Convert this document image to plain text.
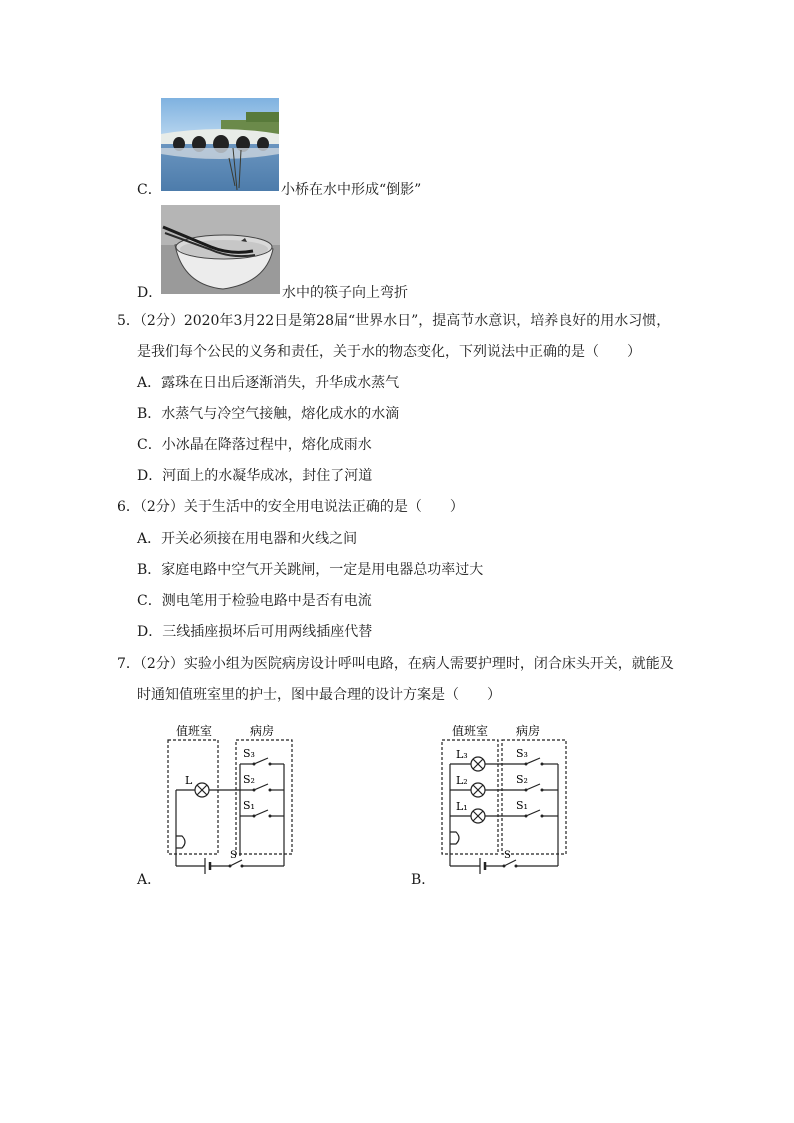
C．	小桥在水中形成“倒影”
D．	水中的筷子向上弯折
5．（2分）2020年3月22日是第28届“世界水日”，提高节水意识，培养良好的用水习惯，
是我们每个公民的义务和责任，关于水的物态变化，下列说法中正确的是（　　）
A．露珠在日出后逐渐消失，升华成水蒸气
B．水蒸气与冷空气接触，熔化成水的水滴
C．小冰晶在降落过程中，熔化成雨水
D．河面上的水凝华成冰，封住了河道
6．（2分）关于生活中的安全用电说法正确的是（　　）
A．开关必须接在用电器和火线之间
B．家庭电路中空气开关跳闸，一定是用电器总功率过大
C．测电笔用于检验电路中是否有电流
D．三线插座损坏后可用两线插座代替
7．（2分）实验小组为医院病房设计呼叫电路，在病人需要护理时，闭合床头开关，就能及
时通知值班室里的护士，图中最合理的设计方案是（　　）
值班室	病房
L
S₃
S₂
S₁
S
A．
值班室 病房
L₃
L₂
L₁
S₃
S₂
S₁
S
B．
